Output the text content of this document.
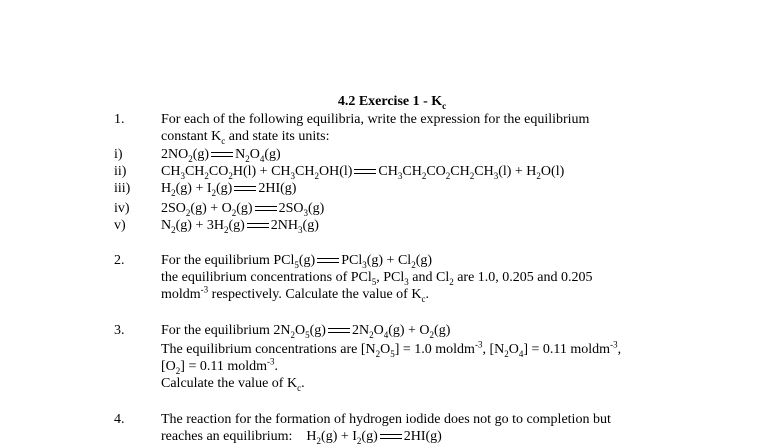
4.2 Exercise $1 - K_c$
1.	For each of the following equilibria, write the expression for the equilibrium
constant $K_c$ and state its units:
i)	$2NO_2(g)$ $N_2O_4(g)$
ii) $CH_3CH_2CO_2H(l) + CH_3CH_2OH(l) CH_3CH_2CO_2CH_2CH_3(l) + H_2O(l)$
iii) $H_2(g) + I_2(g)$ 2HI(g)
iv) $2SO_2(g) + O_2(g)$ $2SO_3(g)$
v)	$N_2(g) + 3H_2(g)$ $2NH_3(g)$
2.	For the equilibrium PCl$_5$(g) $PCl_3(g) + Cl_2(g)$
the equilibrium concentrations of PCl$_5$, PCl$_3$ and $Cl_2$ are 1.0, 0.205 and 0.205
moldm$^{-3}$ respectively. Calculate the value of $K_c$.
3.	For the equilibrium $2N_2O_5(g) 2N_2O_4(g) + O_2(g)$
The equilibrium concentrations are $[N_2O_5] = 1.0$ moldm$^{-3}$, $[N_2O_4] = 0.11$ moldm$^{-3}$,
$[O_2] = 0.11$ moldm$^{-3}$.
Calculate the value of $K_c$.
4.	The reaction for the formation of hydrogen iodide does not go to completion but
reaches an equilibrium:    $H_2(g) + I_2(g)$ 2HI(g)
